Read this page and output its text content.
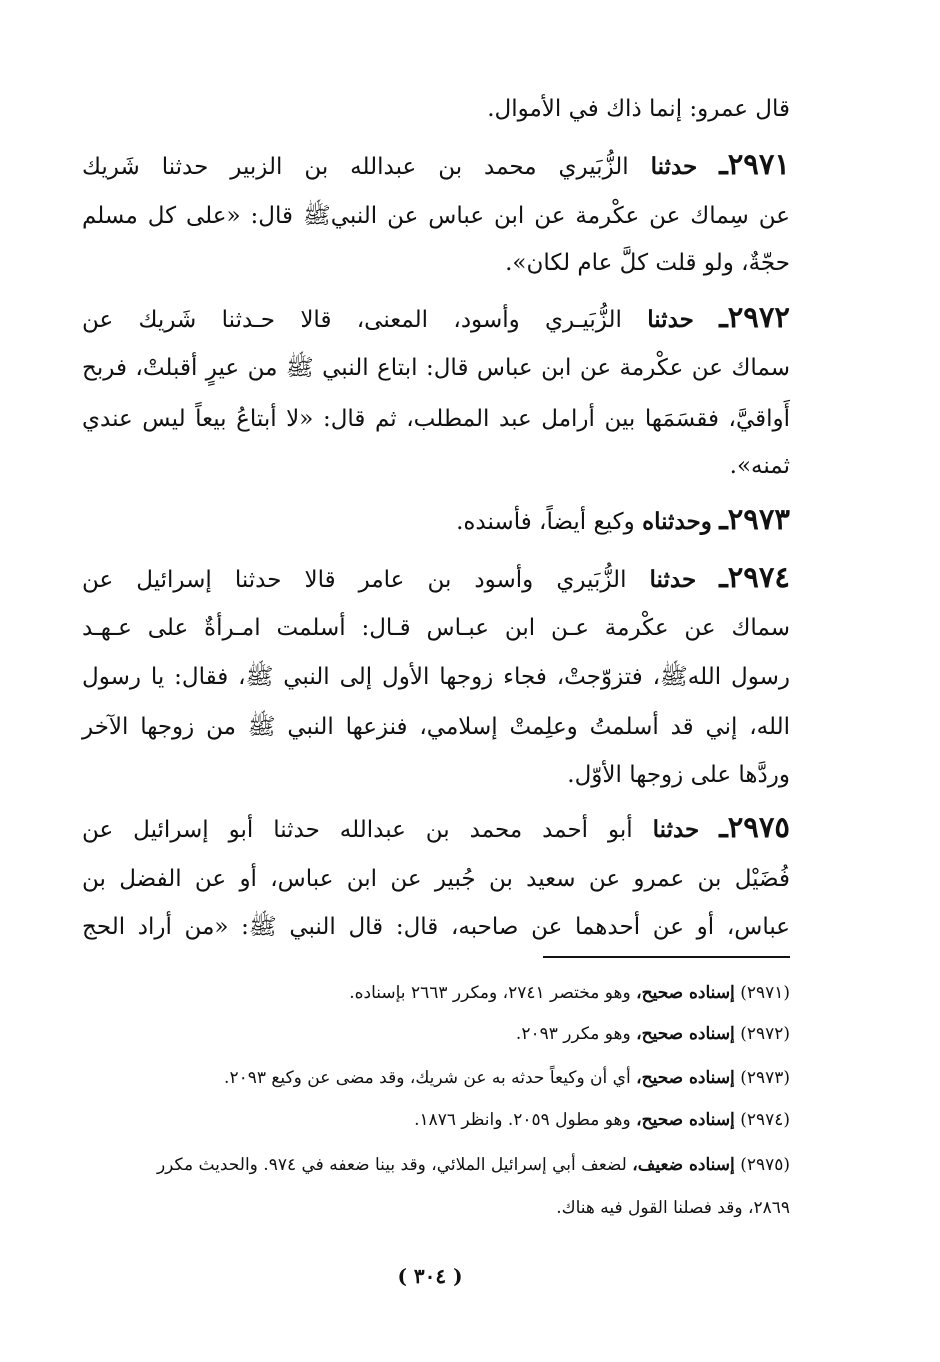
قال عمرو: إنما ذاك في الأموال.
٢٩٧١ـ حدثنا الزُّبَيري محمد بن عبدالله بن الزبير حدثنا شَريك
عن سِماك عن عكْرمة عن ابن عباس عن النبيﷺ قال: «على كل مسلم
حجّةٌ، ولو قلت كلَّ عام لكان».
٢٩٧٢ـ حدثنا الزُّبَيـري وأسود، المعنى، قالا حـدثنا شَريك عن
سماك عن عكْرمة عن ابن عباس قال: ابتاع النبي ﷺ من عيرٍ أقبلتْ، فربح
أَواقيَّ، فقسَمَها بين أرامل عبد المطلب، ثم قال: «لا أبتاعُ بيعاً ليس عندي
ثمنه».
٢٩٧٣ـ وحدثناه وكيع أيضاً، فأسنده.
٢٩٧٤ـ حدثنا الزُّبَيري وأسود بن عامر قالا حدثنا إسرائيل عن
سماك عن عكْرمة عـن ابن عبـاس قـال: أسلمت امـرأةٌ على عـهـد
رسول اللهﷺ، فتزوّجتْ، فجاء زوجها الأول إلى النبي ﷺ، فقال: يا رسول
الله، إني قد أسلمتُ وعلِمتْ إسلامي، فنزعها النبي ﷺ من زوجها الآخر
وردَّها على زوجها الأوّل.
٢٩٧٥ـ حدثنا أبو أحمد محمد بن عبدالله حدثنا أبو إسرائيل عن
فُضَيْل بن عمرو عن سعيد بن جُبير عن ابن عباس، أو عن الفضل بن
عباس، أو عن أحدهما عن صاحبه، قال: قال النبي ﷺ: «من أراد الحج
(٢٩٧١) إسناده صحيح، وهو مختصر ٢٧٤١، ومكرر ٢٦٦٣ بإسناده.
(٢٩٧٢) إسناده صحيح، وهو مكرر ٢٠٩٣.
(٢٩٧٣) إسناده صحيح، أي أن وكيعاً حدثه به عن شريك، وقد مضى عن وكيع ٢٠٩٣.
(٢٩٧٤) إسناده صحيح، وهو مطول ٢٠٥٩. وانظر ١٨٧٦.
(٢٩٧٥) إسناده ضعيف، لضعف أبي إسرائيل الملائي، وقد بينا ضعفه في ٩٧٤. والحديث مكرر
٢٨٦٩، وقد فصلنا القول فيه هناك.
( ٣٠٤ )
